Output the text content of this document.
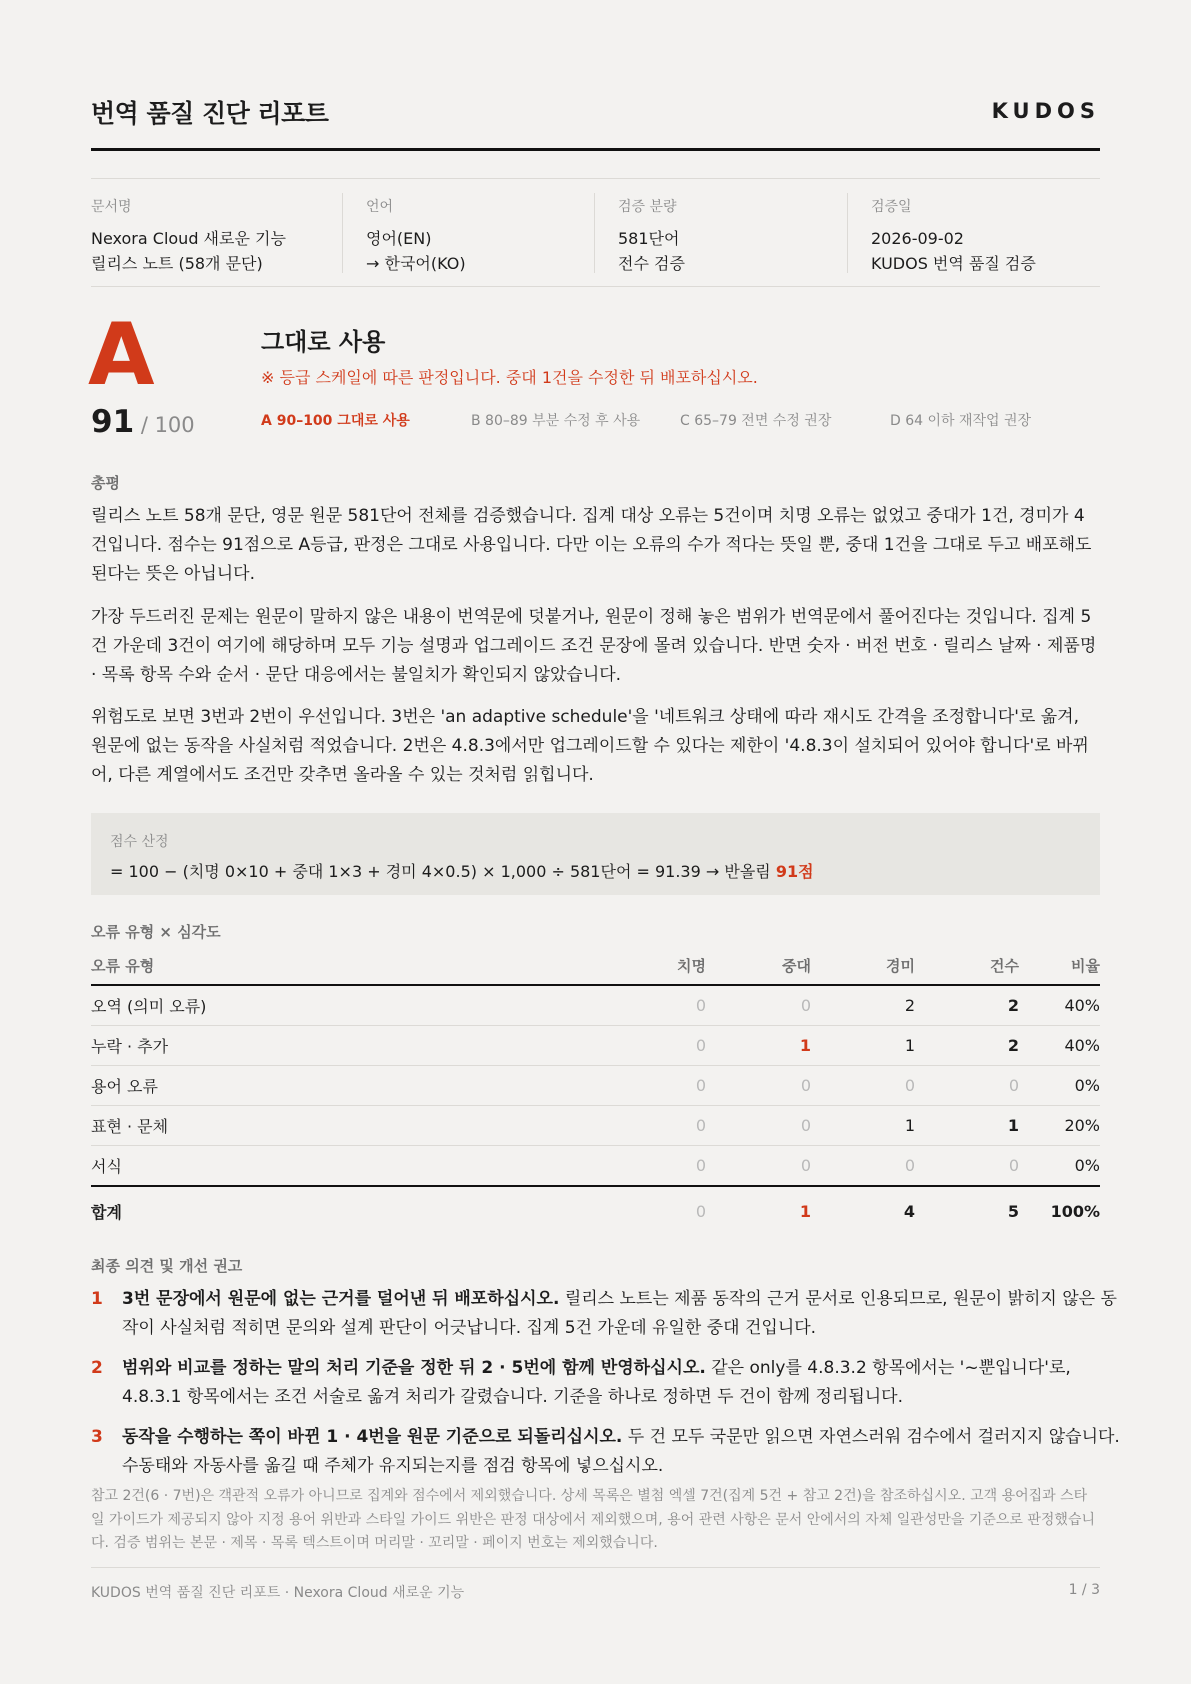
번역 품질 진단 리포트	KUDOS
문서명
Nexora Cloud 새로운 기능
릴리스 노트 (58개 문단)
언어
영어(EN)
→ 한국어(KO)
검증 분량
581단어
전수 검증
검증일
2026-09-02
KUDOS 번역 품질 검증
A
91 / 100
그대로 사용
※ 등급 스케일에 따른 판정입니다. 중대 1건을 수정한 뒤 배포하십시오.
A 90–100 그대로 사용	B 80–89 부분 수정 후 사용	C 65–79 전면 수정 권장	D 64 이하 재작업 권장
총평
릴리스 노트 58개 문단, 영문 원문 581단어 전체를 검증했습니다. 집계 대상 오류는 5건이며 치명 오류는 없었고 중대가 1건, 경미가 4건입니다. 점수는 91점으로 A등급, 판정은 그대로 사용입니다. 다만 이는 오류의 수가 적다는 뜻일 뿐, 중대 1건을 그대로 두고 배포해도 된다는 뜻은 아닙니다.
가장 두드러진 문제는 원문이 말하지 않은 내용이 번역문에 덧붙거나, 원문이 정해 놓은 범위가 번역문에서 풀어진다는 것입니다. 집계 5건 가운데 3건이 여기에 해당하며 모두 기능 설명과 업그레이드 조건 문장에 몰려 있습니다. 반면 숫자 · 버전 번호 · 릴리스 날짜 · 제품명 · 목록 항목 수와 순서 · 문단 대응에서는 불일치가 확인되지 않았습니다.
위험도로 보면 3번과 2번이 우선입니다. 3번은 'an adaptive schedule'을 '네트워크 상태에 따라 재시도 간격을 조정합니다'로 옮겨, 원문에 없는 동작을 사실처럼 적었습니다. 2번은 4.8.3에서만 업그레이드할 수 있다는 제한이 '4.8.3이 설치되어 있어야 합니다'로 바뀌어, 다른 계열에서도 조건만 갖추면 올라올 수 있는 것처럼 읽힙니다.
점수 산정
= 100 − (치명 0×10 + 중대 1×3 + 경미 4×0.5) × 1,000 ÷ 581단어 = 91.39 → 반올림 91점
오류 유형 × 심각도
오류 유형	치명	중대	경미	건수	비율
오역 (의미 오류)	0	0	2	2	40%
누락 · 추가	0	1	1	2	40%
용어 오류	0	0	0	0	0%
표현 · 문체	0	0	1	1	20%
서식	0	0	0	0	0%
합계	0	1	4	5	100%
최종 의견 및 개선 권고
1 3번 문장에서 원문에 없는 근거를 덜어낸 뒤 배포하십시오. 릴리스 노트는 제품 동작의 근거 문서로 인용되므로, 원문이 밝히지 않은 동작이 사실처럼 적히면 문의와 설계 판단이 어긋납니다. 집계 5건 가운데 유일한 중대 건입니다.
2 범위와 비교를 정하는 말의 처리 기준을 정한 뒤 2 · 5번에 함께 반영하십시오. 같은 only를 4.8.3.2 항목에서는 '~뿐입니다'로, 4.8.3.1 항목에서는 조건 서술로 옮겨 처리가 갈렸습니다. 기준을 하나로 정하면 두 건이 함께 정리됩니다.
3 동작을 수행하는 쪽이 바뀐 1 · 4번을 원문 기준으로 되돌리십시오. 두 건 모두 국문만 읽으면 자연스러워 검수에서 걸러지지 않습니다. 수동태와 자동사를 옮길 때 주체가 유지되는지를 점검 항목에 넣으십시오.
참고 2건(6 · 7번)은 객관적 오류가 아니므로 집계와 점수에서 제외했습니다. 상세 목록은 별첨 엑셀 7건(집계 5건 + 참고 2건)을 참조하십시오. 고객 용어집과 스타일 가이드가 제공되지 않아 지정 용어 위반과 스타일 가이드 위반은 판정 대상에서 제외했으며, 용어 관련 사항은 문서 안에서의 자체 일관성만을 기준으로 판정했습니다. 검증 범위는 본문 · 제목 · 목록 텍스트이며 머리말 · 꼬리말 · 페이지 번호는 제외했습니다.
KUDOS 번역 품질 진단 리포트 · Nexora Cloud 새로운 기능	1 / 3
